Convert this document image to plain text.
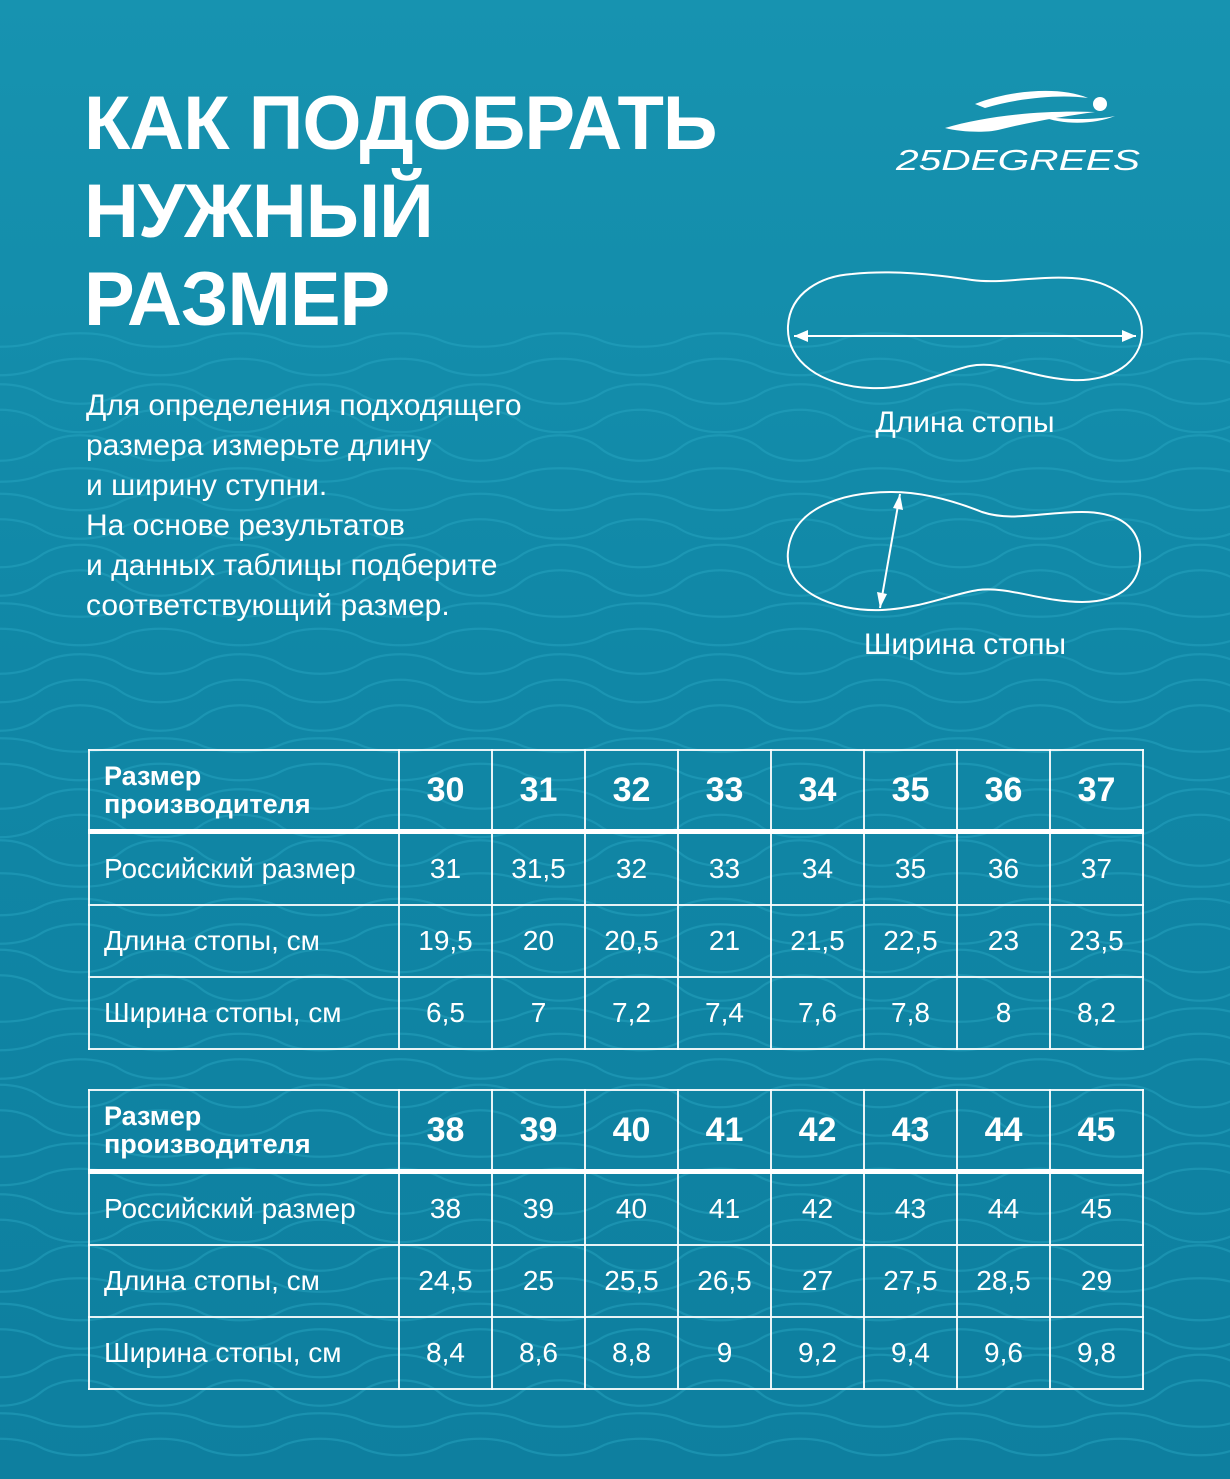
КАК ПОДОБРАТЬ
НУЖНЫЙ
РАЗМЕР
Для определения подходящего
размера измерьте длину
и ширину ступни.
На основе результатов
и данных таблицы подберите
соответствующий размер.
25DEGREES
Длина стопы
Ширина стопы
Размер
производителя	30	31	32	33	34	35	36	37
Российский размер	31	31,5	32	33	34	35	36	37
Длина стопы, см	19,5	20	20,5	21	21,5	22,5	23	23,5
Ширина стопы, см	6,5	7	7,2	7,4	7,6	7,8	8	8,2
Размер
производителя	38	39	40	41	42	43	44	45
Российский размер	38	39	40	41	42	43	44	45
Длина стопы, см	24,5	25	25,5	26,5	27	27,5	28,5	29
Ширина стопы, см	8,4	8,6	8,8	9	9,2	9,4	9,6	9,8
